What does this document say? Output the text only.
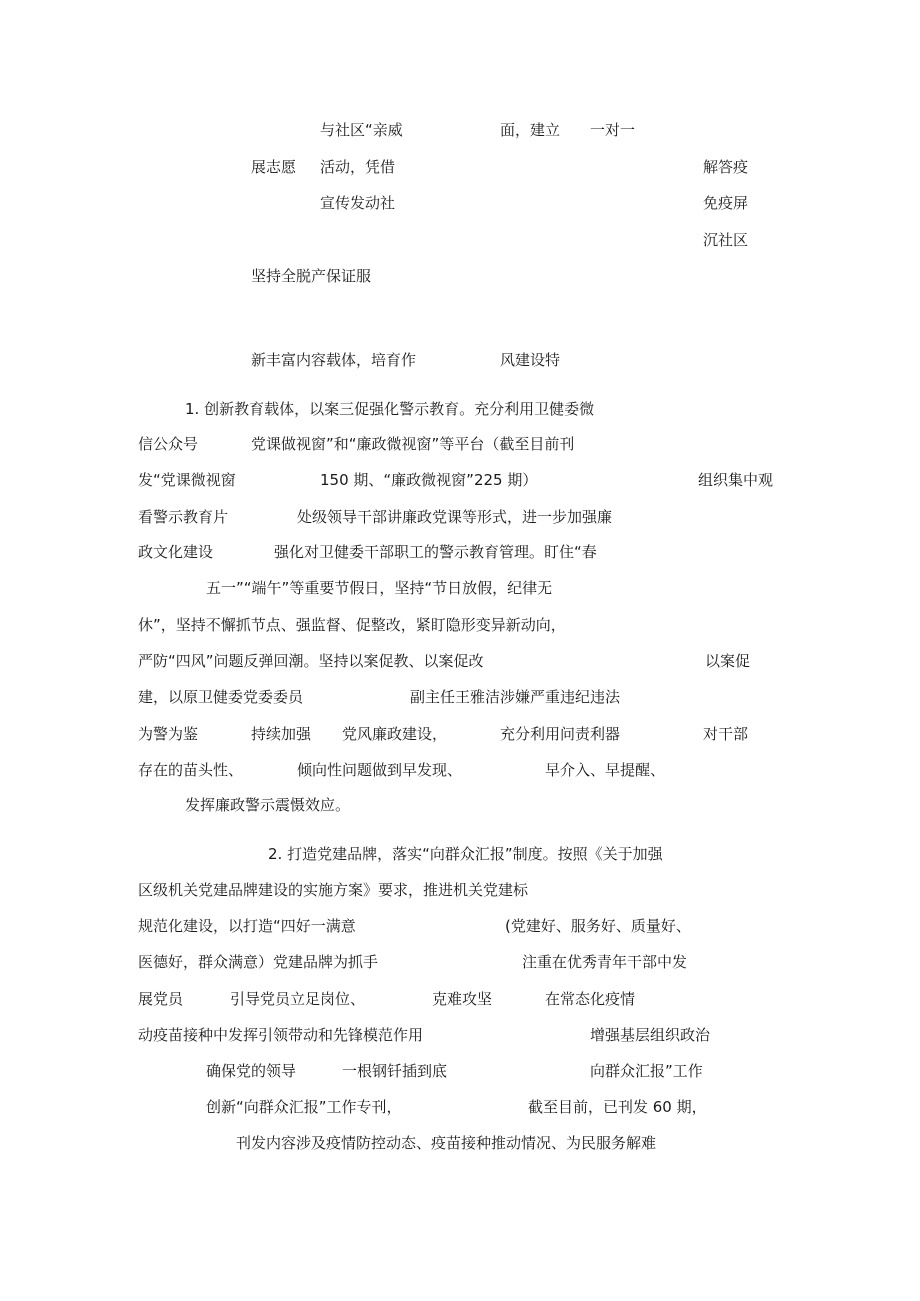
与社区“亲威	面，建立 一对一
展志愿 活动，凭借	解答疫
宣传发动社	免疫屏
沉社区
坚持全脱产保证服
新丰富内容载体，培育作	风建设特
1. 创新教育载体，以案三促强化警示教育。充分利用卫健委微
信公众号	党课做视窗”和“廉政微视窗”等平台（截至目前刊
发“党课微视窗	150 期、“廉政微视窗”225 期）	组织集中观
看警示教育片	处级领导干部讲廉政党课等形式，进一步加强廉
政文化建设	强化对卫健委干部职工的警示教育管理。盯住“春
五一”“端午”等重要节假日，坚持“节日放假，纪律无
休”，坚持不懈抓节点、强监督、促整改，紧盯隐形变异新动向，
严防“四风”问题反弹回潮。坚持以案促教、以案促改	以案促
建，以原卫健委党委委员	副主任王雅洁涉嫌严重违纪违法
为警为鉴	持续加强 党风廉政建设，	充分利用问责利器	对干部
存在的苗头性、	倾向性问题做到早发现、	早介入、早提醒、
发挥廉政警示震慑效应。
2. 打造党建品牌，落实“向群众汇报”制度。按照《关于加强
区级机关党建品牌建设的实施方案》要求，推进机关党建标
规范化建设，以打造“四好一满意	(党建好、服务好、质量好、
医德好，群众满意）党建品牌为抓手	注重在优秀青年干部中发
展党员	引导党员立足岗位、	克难攻坚	在常态化疫情
动疫苗接种中发挥引领带动和先锋模范作用	增强基层组织政治
确保党的领导	一根钢钎插到底	向群众汇报”工作
创新“向群众汇报”工作专刊，	截至目前，已刊发 60 期，
刊发内容涉及疫情防控动态、疫苗接种推动情况、为民服务解难
